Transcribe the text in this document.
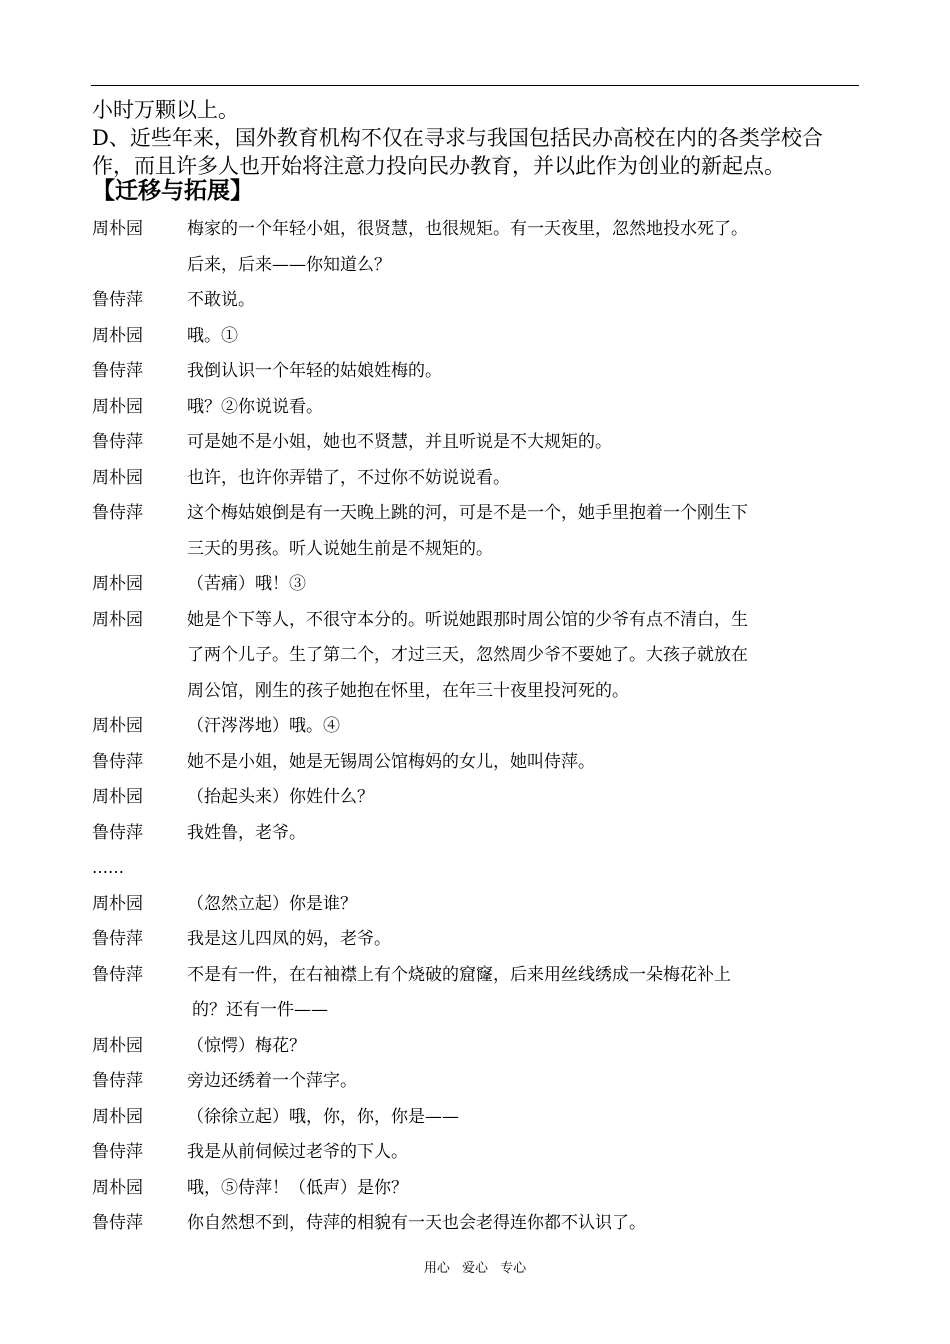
小时万颗以上。

D、近些年来，国外教育机构不仅在寻求与我国包括民办高校在内的各类学校合

作，而且许多人也开始将注意力投向民办教育，并以此作为创业的新起点。

【迁移与拓展】
周朴园	梅家的一个年轻小姐，很贤慧，也很规矩。有一天夜里，忽然地投水死了。
后来，后来——你知道么？
鲁侍萍	不敢说。
周朴园	哦。①
鲁侍萍	我倒认识一个年轻的姑娘姓梅的。
周朴园	哦？②你说说看。
鲁侍萍	可是她不是小姐，她也不贤慧，并且听说是不大规矩的。
周朴园	也许，也许你弄错了，不过你不妨说说看。
鲁侍萍	这个梅姑娘倒是有一天晚上跳的河，可是不是一个，她手里抱着一个刚生下
三天的男孩。听人说她生前是不规矩的。
周朴园	（苦痛）哦！③
周朴园	她是个下等人，不很守本分的。听说她跟那时周公馆的少爷有点不清白，生
了两个儿子。生了第二个，才过三天，忽然周少爷不要她了。大孩子就放在
周公馆，刚生的孩子她抱在怀里，在年三十夜里投河死的。
周朴园	（汗涔涔地）哦。④
鲁侍萍	她不是小姐，她是无锡周公馆梅妈的女儿，她叫侍萍。
周朴园	（抬起头来）你姓什么？
鲁侍萍	我姓鲁，老爷。
……
周朴园	（忽然立起）你是谁？
鲁侍萍	我是这儿四凤的妈，老爷。
鲁侍萍	不是有一件，在右袖襟上有个烧破的窟窿，后来用丝线绣成一朵梅花补上
的？还有一件——
周朴园	（惊愕）梅花？
鲁侍萍	旁边还绣着一个萍字。
周朴园	（徐徐立起）哦，你，你，你是——
鲁侍萍	我是从前伺候过老爷的下人。
周朴园	哦，⑤侍萍！（低声）是你？
鲁侍萍	你自然想不到，侍萍的相貌有一天也会老得连你都不认识了。
用心 爱心 专心
